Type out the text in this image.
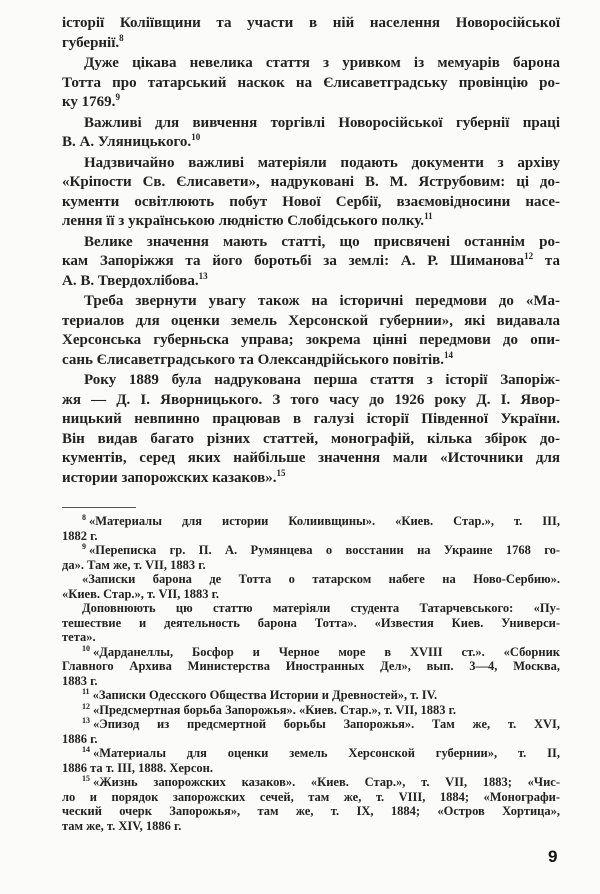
історії Коліївщини та участи в ній населення Новоросійської
губернії.$^8$
Дуже цікава невелика стаття з уривком із мемуарів барона
Тотта про татарський наскок на Єлисаветградську провінцію ро-
ку 1769.$^9$
Важливі для вивчення торгівлі Новоросійської губернії праці
В. А. Уляницького.$^{10}$
Надзвичайно важливі матеріяли подають документи з архіву
«Кріпости Св. Єлисавети», надруковані В. М. Яструбовим: ці до-
кументи освітлюють побут Нової Сербії, взаємовідносини насе-
лення її з українською людністю Слобідського полку.$^{11}$
Велике значення мають статті, що присвячені останнім ро-
кам Запоріжжя та його боротьбі за землі: А. Р. Шиманова$^{12}$ та
А. В. Твердохлібова.$^{13}$
Треба звернути увагу також на історичні передмови до «Ма-
териалов для оценки земель Херсонской губернии», які видавала
Херсонська губерньска управа; зокрема цінні передмови до опи-
сань Єлисаветградського та Олександрійського повітів.$^{14}$
Року 1889 була надрукована перша стаття з історії Запоріж-
жя — Д. І. Яворницького. З того часу до 1926 року Д. І. Явор-
ницький невпинно працював в галузі історії Південної України.
Він видав багато різних статтей, монографій, кілька збірок до-
кументів, серед яких найбільше значення мали «Источники для
истории запорожских казаков».$^{15}$
$^8$ «Материалы для истории Колиивщины». «Киев. Стар.», т. III,
1882 г.
$^9$ «Переписка гр. П. А. Румянцева о восстании на Украине 1768 го-
да». Там же, т. VII, 1883 г.
«Записки барона де Тотта о татарском набеге на Ново-Сербию».
«Киев. Стар.», т. VII, 1883 г.
Доповнюють цю статтю матеріяли студента Татарчевського: «Пу-
тешествие и деятельность барона Тотта». «Известия Киев. Универси-
тета».
$^{10}$ «Дарданеллы, Босфор и Черное море в XVIII ст.». «Сборник
Главного Архива Министерства Иностранных Дел», вып. 3—4, Москва,
1883 г.
$^{11}$ «Записки Одесского Общества Истории и Древностей», т. IV.
$^{12}$ «Предсмертная борьба Запорожья». «Киев. Стар.», т. VII, 1883 г.
$^{13}$ «Эпизод из предсмертной борьбы Запорожья». Там же, т. XVI,
1886 г.
$^{14}$ «Материалы для оценки земель Херсонской губернии», т. II,
1886 та т. III, 1888. Херсон.
$^{15}$ «Жизнь запорожских казаков». «Киев. Стар.», т. VII, 1883; «Чис-
ло и порядок запорожских сечей, там же, т. VIII, 1884; «Монографи-
ческий очерк Запорожья», там же, т. IX, 1884; «Остров Хортица»,
там же, т. XIV, 1886 г.
9
